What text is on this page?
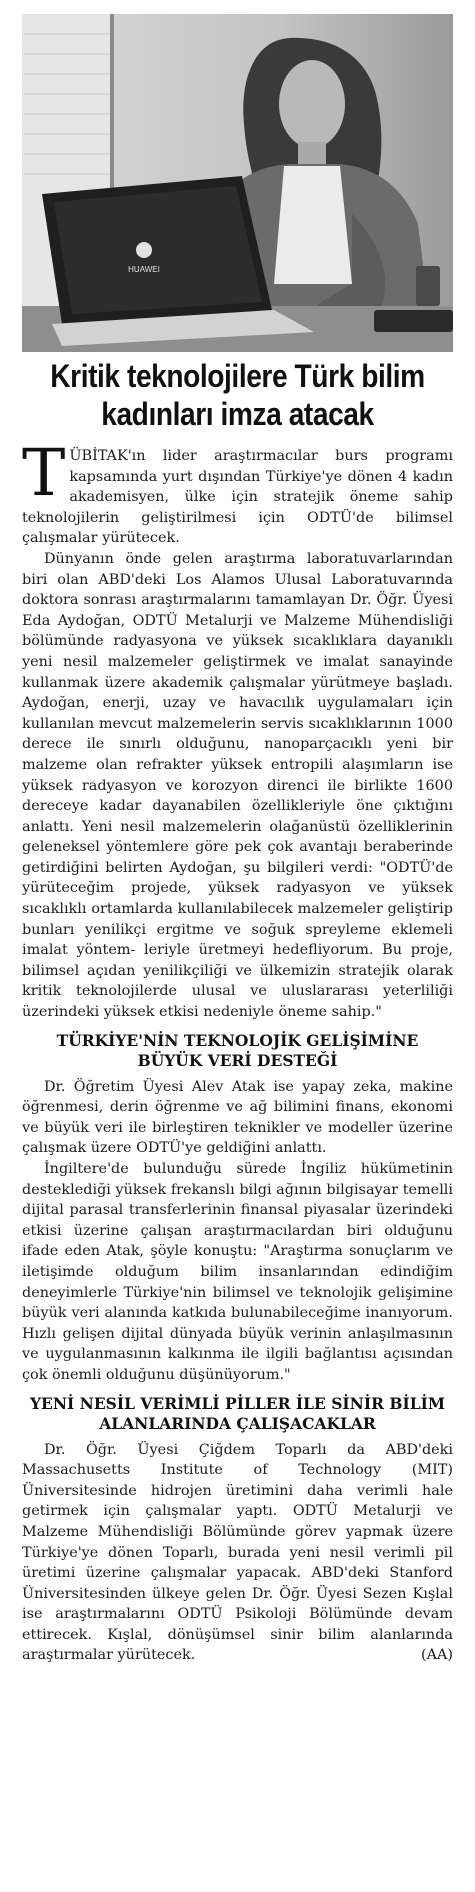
HUAWEI
Kritik teknolojilere Türk bilim kadınları imza atacak

TÜBİTAK'ın lider araştırmacılar burs programı kapsamında yurt dışından Türkiye'ye dönen 4 kadın akademisyen, ülke için stratejik öneme sahip teknolojilerin geliştirilmesi için ODTÜ'de bilimsel çalışmalar yürütecek.

Dünyanın önde gelen araştırma laboratuvarlarından biri olan ABD'deki Los Alamos Ulusal Laboratuvarında doktora sonrası araştırmalarını tamamlayan Dr. Öğr. Üyesi Eda Aydoğan, ODTÜ Metalurji ve Malzeme Mühendisliği bölümünde radyasyona ve yüksek sıcaklıklara dayanıklı yeni nesil malzemeler geliştirmek ve imalat sanayinde kullanmak üzere akademik çalışmalar yürütmeye başladı. Aydoğan, enerji, uzay ve havacılık uygulamaları için kullanılan mevcut malzemelerin servis sıcaklıklarının 1000 derece ile sınırlı olduğunu, nanoparçacıklı yeni bir malzeme olan refrakter yüksek entropili alaşımların ise yüksek radyasyon ve korozyon direnci ile birlikte 1600 dereceye kadar dayanabilen özellikleriyle öne çıktığını anlattı. Yeni nesil malzemelerin olağanüstü özelliklerinin geleneksel yöntemlere göre pek çok avantajı beraberinde getirdiğini belirten Aydoğan, şu bilgileri verdi: "ODTÜ'de yürüteceğim projede, yüksek radyasyon ve yüksek sıcaklıklı ortamlarda kullanılabilecek malzemeler geliştirip bunları yenilikçi ergitme ve soğuk spreyleme eklemeli imalat yöntem- leriyle üretmeyi hedefliyorum. Bu proje, bilimsel açıdan yenilikçiliği ve ülkemizin stratejik olarak kritik teknolojilerde ulusal ve uluslararası yeterliliği üzerindeki yüksek etkisi nedeniyle öneme sahip."

TÜRKİYE'NİN TEKNOLOJİK GELİŞİMİNE BÜYÜK VERİ DESTEĞİ

Dr. Öğretim Üyesi Alev Atak ise yapay zeka, makine öğrenmesi, derin öğrenme ve ağ bilimini finans, ekonomi ve büyük veri ile birleştiren teknikler ve modeller üzerine çalışmak üzere ODTÜ'ye geldiğini anlattı.

İngiltere'de bulunduğu sürede İngiliz hükümetinin desteklediği yüksek frekanslı bilgi ağının bilgisayar temelli dijital parasal transferlerinin finansal piyasalar üzerindeki etkisi üzerine çalışan araştırmacılardan biri olduğunu ifade eden Atak, şöyle konuştu: "Araştırma sonuçlarım ve iletişimde olduğum bilim insanlarından edindiğim deneyimlerle Türkiye'nin bilimsel ve teknolojik gelişimine büyük veri alanında katkıda bulunabileceğime inanıyorum. Hızlı gelişen dijital dünyada büyük verinin anlaşılmasının ve uygulanmasının kalkınma ile ilgili bağlantısı açısından çok önemli olduğunu düşünüyorum."

YENİ NESİL VERİMLİ PİLLER İLE SİNİR BİLİM ALANLARINDA ÇALIŞACAKLAR

Dr. Öğr. Üyesi Çiğdem Toparlı da ABD'deki Massachusetts Institute of Technology (MIT) Üniversitesinde hidrojen üretimini daha verimli hale getirmek için çalışmalar yaptı. ODTÜ Metalurji ve Malzeme Mühendisliği Bölümünde görev yapmak üzere Türkiye'ye dönen Toparlı, burada yeni nesil verimli pil üretimi üzerine çalışmalar yapacak. ABD'deki Stanford Üniversitesinden ülkeye gelen Dr. Öğr. Üyesi Sezen Kışlal ise araştırmalarını ODTÜ Psikoloji Bölümünde devam ettirecek. Kışlal, dönüşümsel sinir bilim alanlarında araştırmalar yürütecek.	(AA)
